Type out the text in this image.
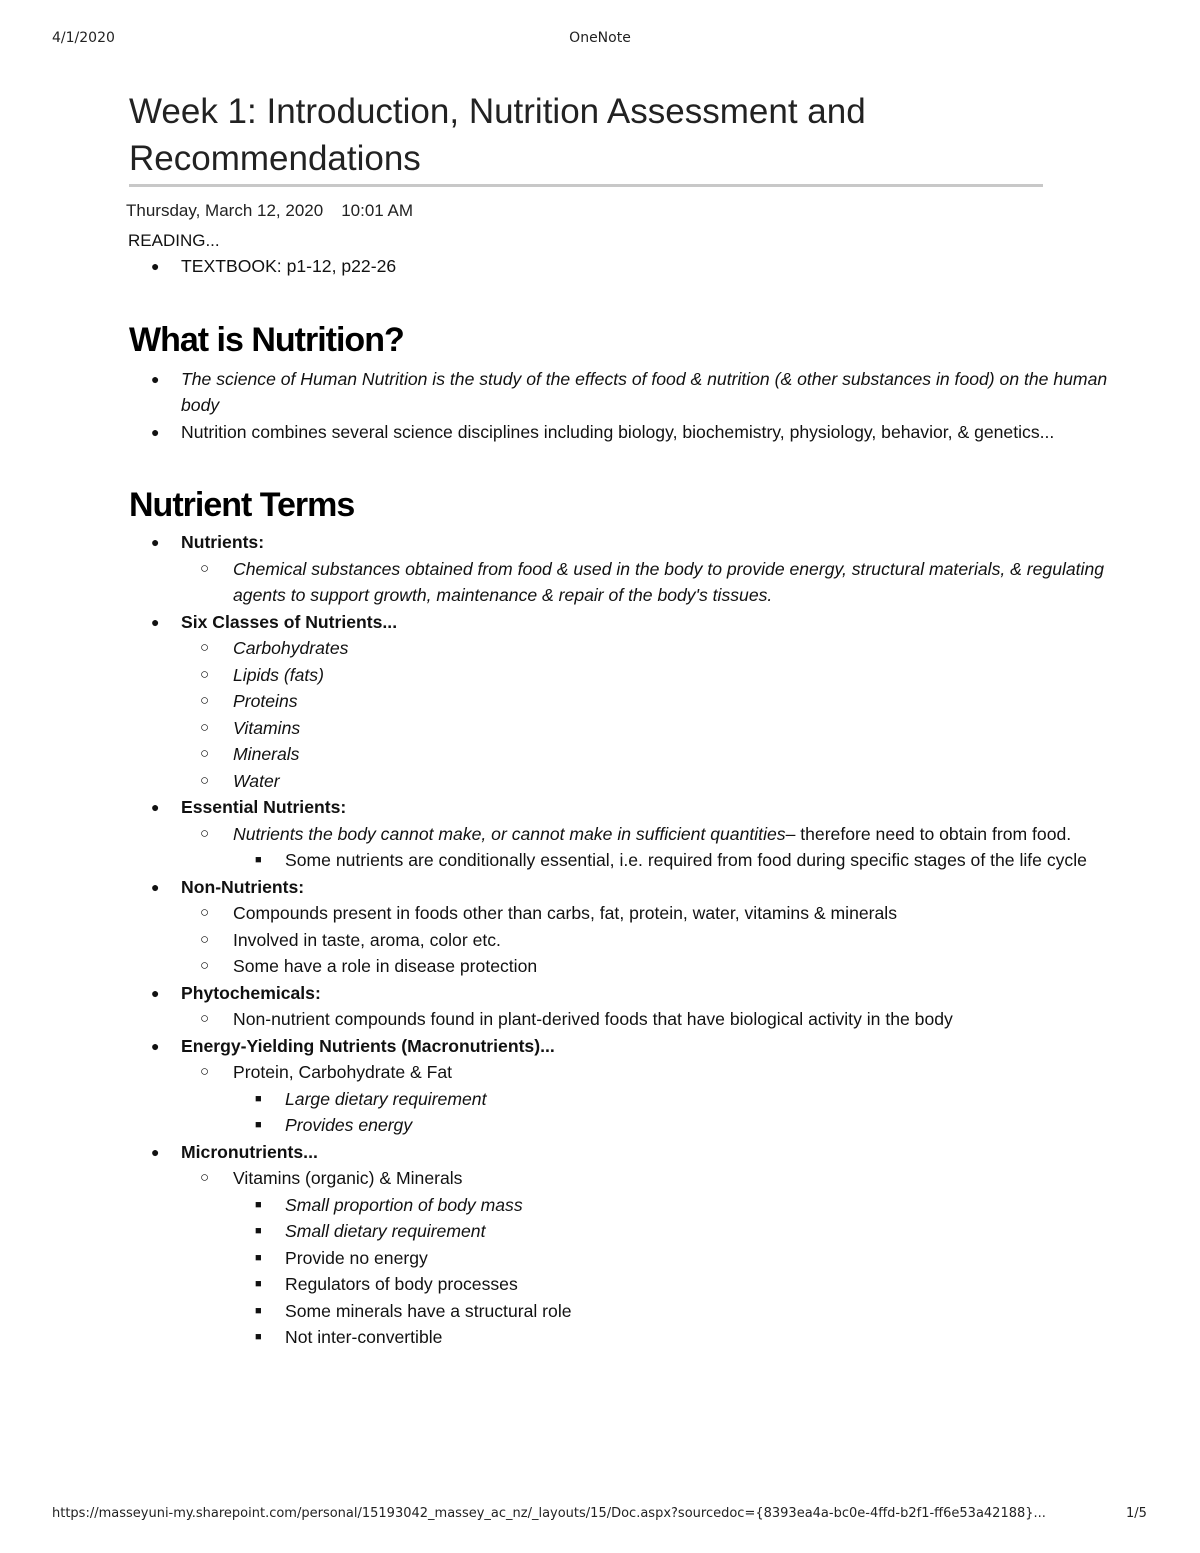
4/1/2020	OneNote
Week 1: Introduction, Nutrition Assessment and Recommendations
Thursday, March 12, 2020 10:01 AM
READING...
● TEXTBOOK: p1-12, p22-26
What is Nutrition?
● The science of Human Nutrition is the study of the effects of food & nutrition (& other substances in food) on the human body
● Nutrition combines several science disciplines including biology, biochemistry, physiology, behavior, & genetics...
Nutrient Terms
● Nutrients:
○ Chemical substances obtained from food & used in the body to provide energy, structural materials, & regulating agents to support growth, maintenance & repair of the body's tissues.
● Six Classes of Nutrients...
○ Carbohydrates
○ Lipids (fats)
○ Proteins
○ Vitamins
○ Minerals
○ Water
● Essential Nutrients:
○ Nutrients the body cannot make, or cannot make in sufficient quantities– therefore need to obtain from food.
■ Some nutrients are conditionally essential, i.e. required from food during specific stages of the life cycle
● Non-Nutrients:
○ Compounds present in foods other than carbs, fat, protein, water, vitamins & minerals
○ Involved in taste, aroma, color etc.
○ Some have a role in disease protection
● Phytochemicals:
○ Non-nutrient compounds found in plant-derived foods that have biological activity in the body
● Energy-Yielding Nutrients (Macronutrients)...
○ Protein, Carbohydrate & Fat
■ Large dietary requirement
■ Provides energy
● Micronutrients...
○ Vitamins (organic) & Minerals
■ Small proportion of body mass
■ Small dietary requirement
■ Provide no energy
■ Regulators of body processes
■ Some minerals have a structural role
■ Not inter-convertible
https://masseyuni-my.sharepoint.com/personal/15193042_massey_ac_nz/_layouts/15/Doc.aspx?sourcedoc={8393ea4a-bc0e-4ffd-b2f1-ff6e53a42188}...	1/5
